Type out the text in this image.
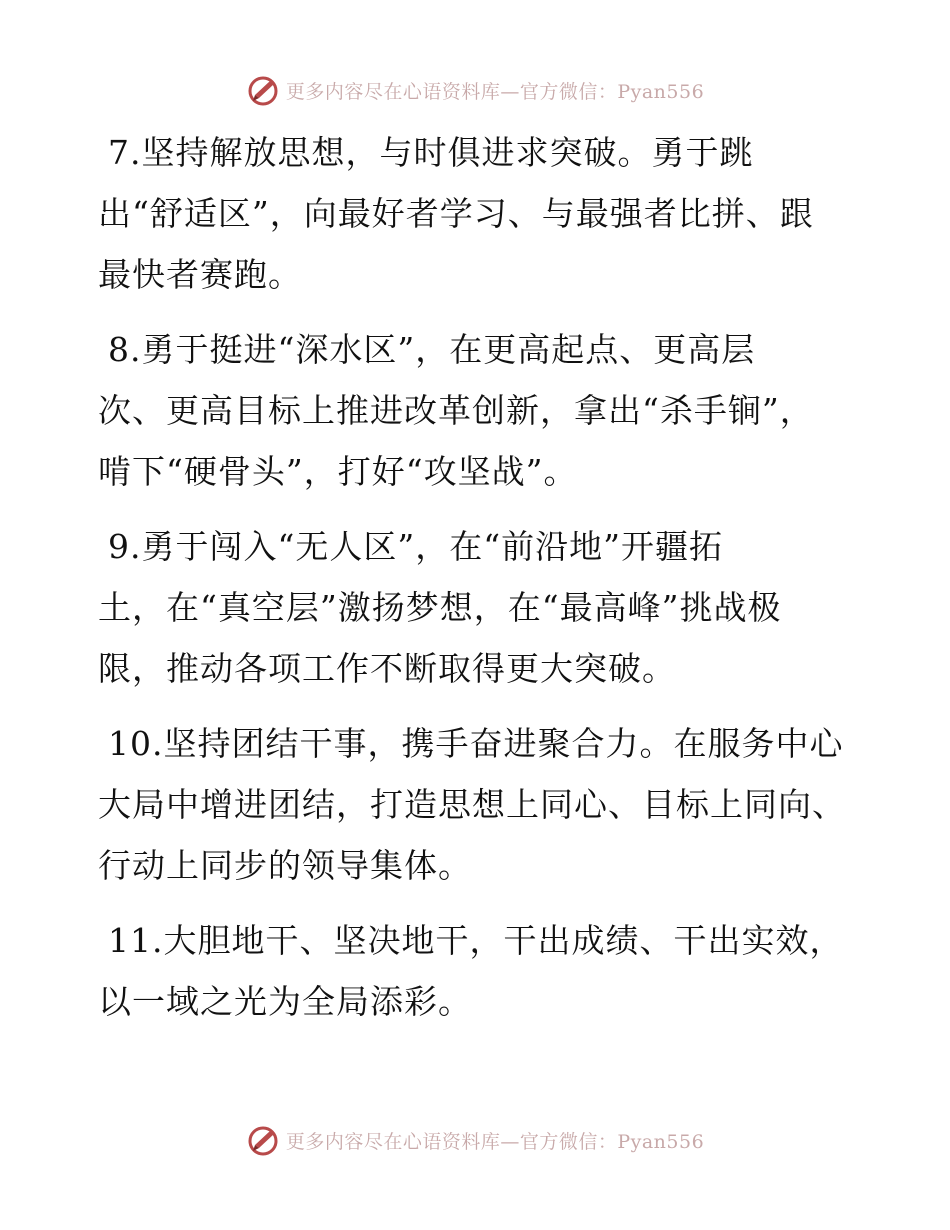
更多内容尽在心语资料库—官方微信：Pyan556
7.坚持解放思想，与时俱进求突破。勇于跳
出“舒适区”，向最好者学习、与最强者比拼、跟
最快者赛跑。
8.勇于挺进“深水区”，在更高起点、更高层
次、更高目标上推进改革创新，拿出“杀手锏”，
啃下“硬骨头”，打好“攻坚战”。
9.勇于闯入“无人区”，在“前沿地”开疆拓
土，在“真空层”激扬梦想，在“最高峰”挑战极
限，推动各项工作不断取得更大突破。
10.坚持团结干事，携手奋进聚合力。在服务中心
大局中增进团结，打造思想上同心、目标上同向、
行动上同步的领导集体。
11.大胆地干、坚决地干，干出成绩、干出实效，
以一域之光为全局添彩。
更多内容尽在心语资料库—官方微信：Pyan556
